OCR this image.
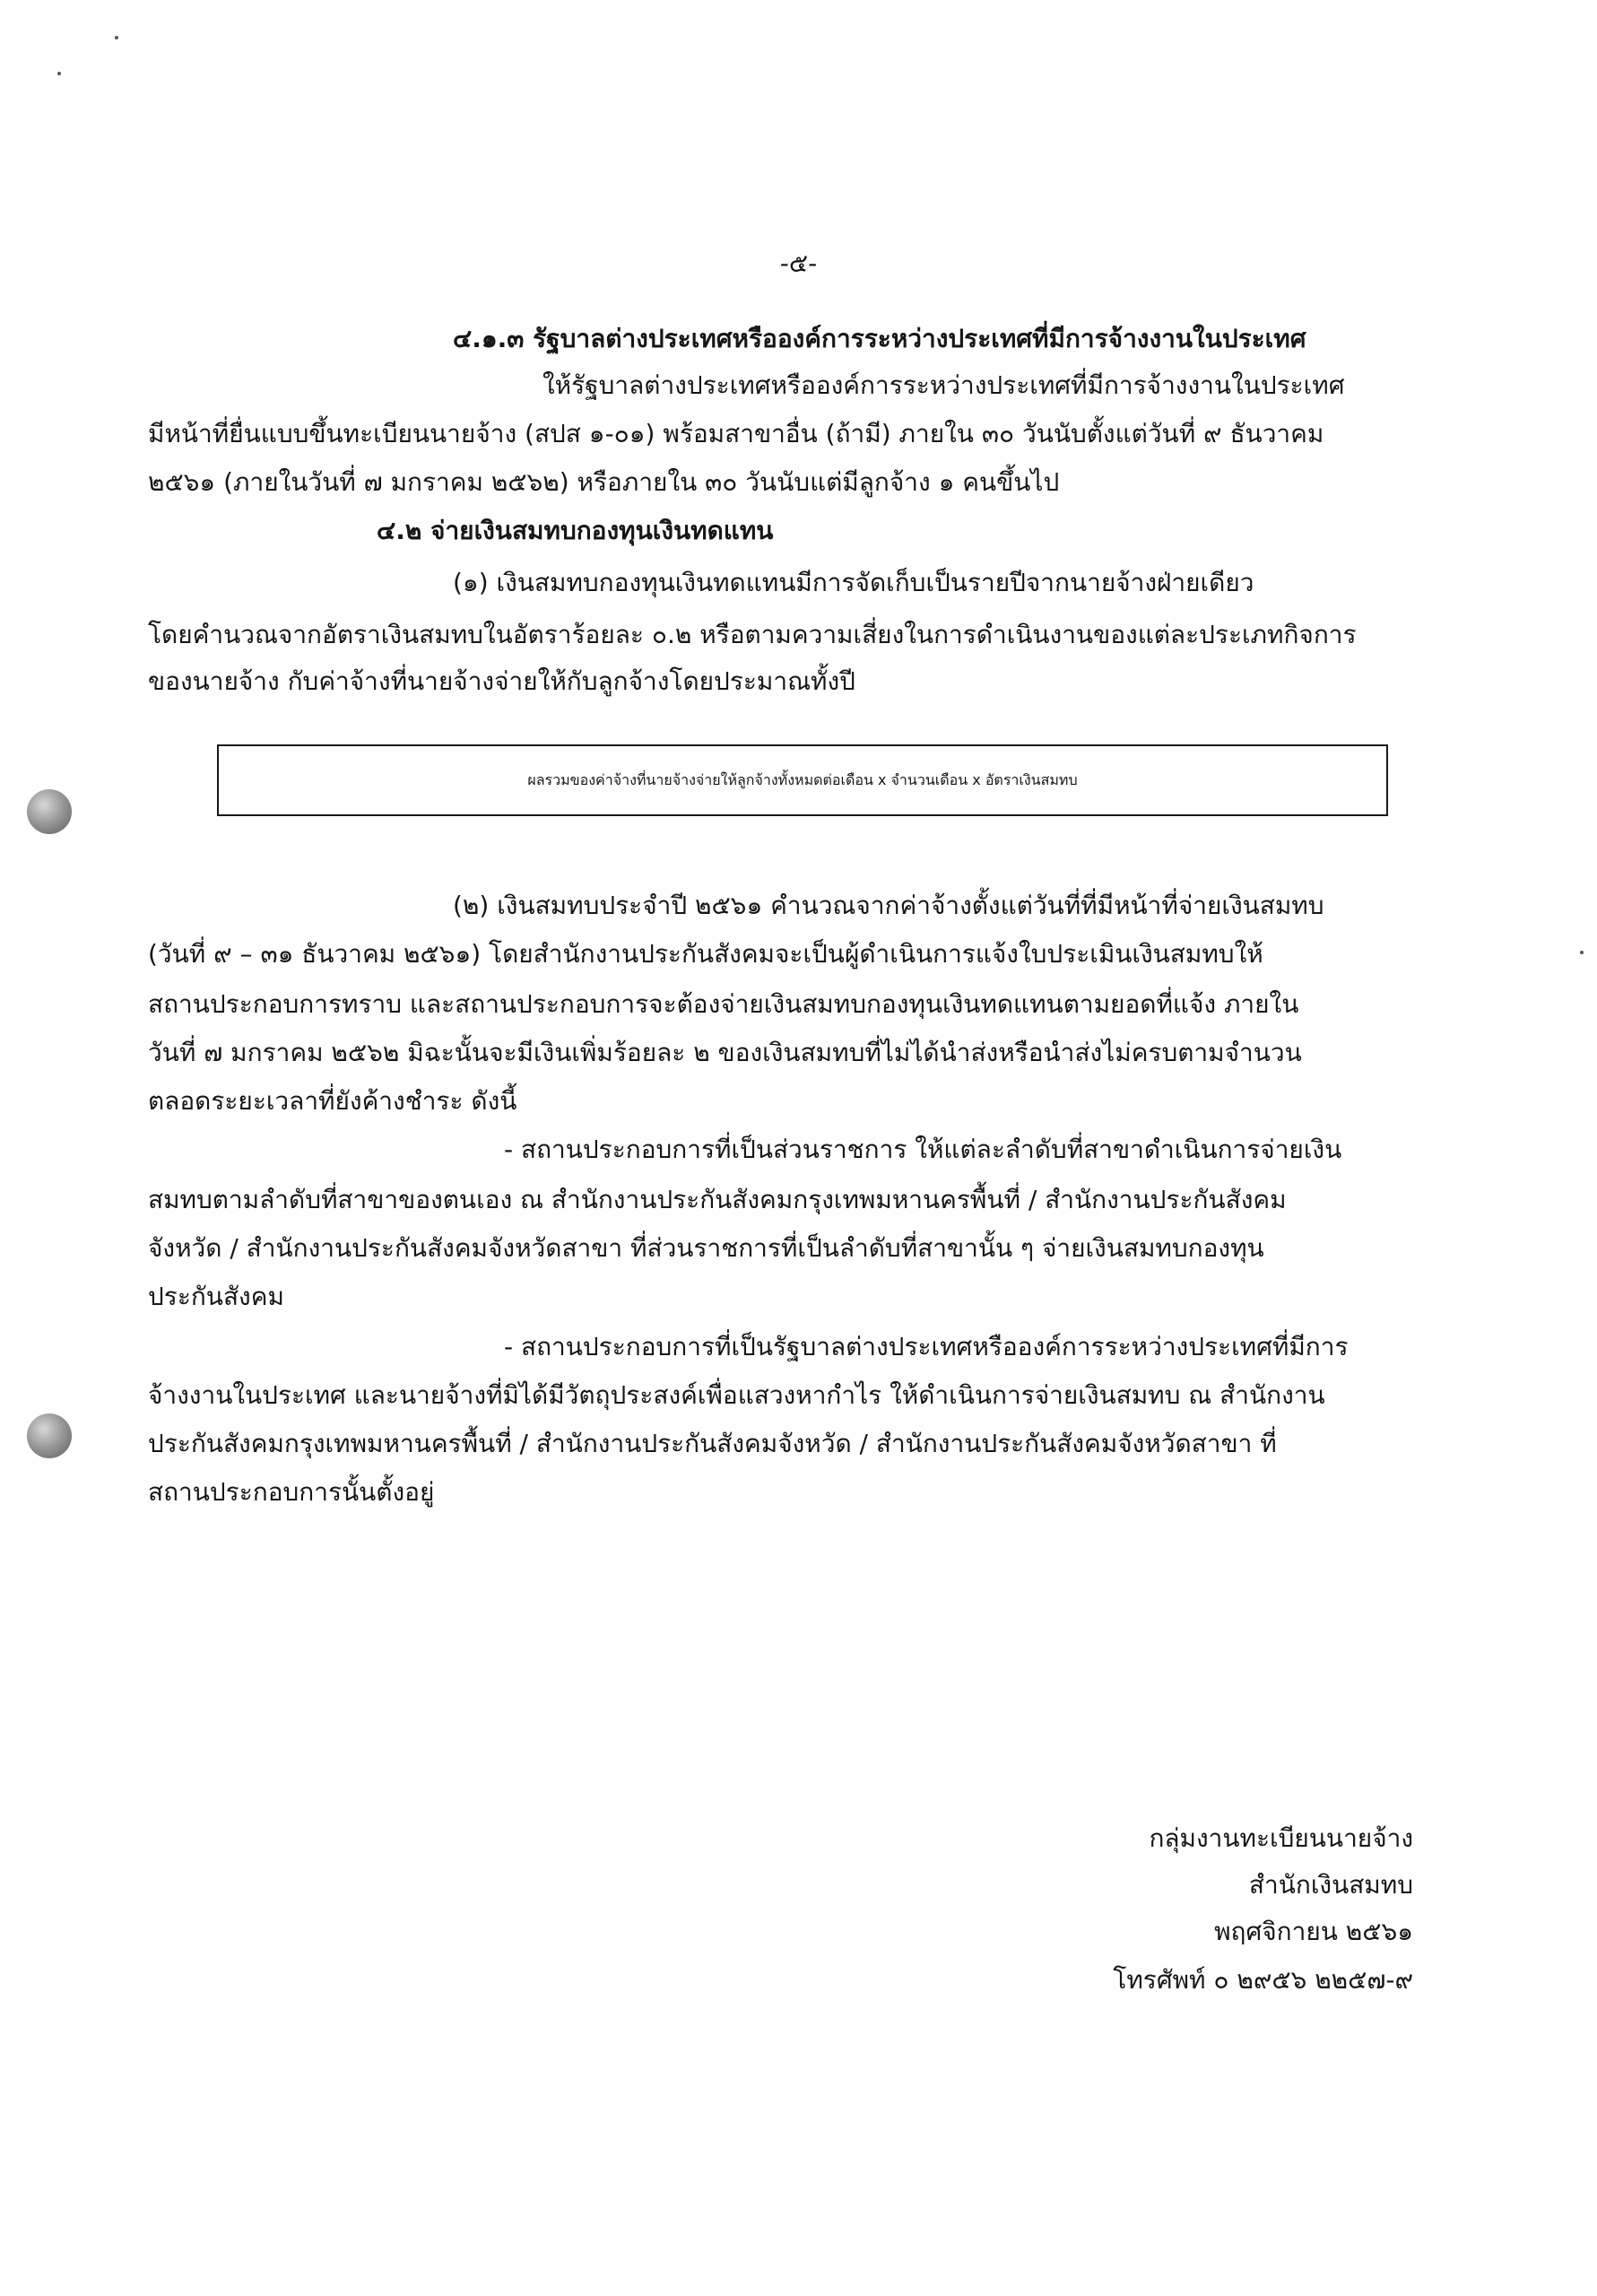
-๕-
๔.๑.๓ รัฐบาลต่างประเทศหรือองค์การระหว่างประเทศที่มีการจ้างงานในประเทศ
ให้รัฐบาลต่างประเทศหรือองค์การระหว่างประเทศที่มีการจ้างงานในประเทศ
มีหน้าที่ยื่นแบบขึ้นทะเบียนนายจ้าง (สปส ๑-๐๑) พร้อมสาขาอื่น (ถ้ามี) ภายใน ๓๐ วันนับตั้งแต่วันที่ ๙ ธันวาคม
๒๕๖๑ (ภายในวันที่ ๗ มกราคม ๒๕๖๒) หรือภายใน ๓๐ วันนับแต่มีลูกจ้าง ๑ คนขึ้นไป
๔.๒ จ่ายเงินสมทบกองทุนเงินทดแทน
(๑) เงินสมทบกองทุนเงินทดแทนมีการจัดเก็บเป็นรายปีจากนายจ้างฝ่ายเดียว
โดยคำนวณจากอัตราเงินสมทบในอัตราร้อยละ ๐.๒ หรือตามความเสี่ยงในการดำเนินงานของแต่ละประเภทกิจการ
ของนายจ้าง กับค่าจ้างที่นายจ้างจ่ายให้กับลูกจ้างโดยประมาณทั้งปี
ผลรวมของค่าจ้างที่นายจ้างจ่ายให้ลูกจ้างทั้งหมดต่อเดือน x จำนวนเดือน x อัตราเงินสมทบ
(๒) เงินสมทบประจำปี ๒๕๖๑ คำนวณจากค่าจ้างตั้งแต่วันที่ที่มีหน้าที่จ่ายเงินสมทบ
(วันที่ ๙ – ๓๑ ธันวาคม ๒๕๖๑) โดยสำนักงานประกันสังคมจะเป็นผู้ดำเนินการแจ้งใบประเมินเงินสมทบให้
สถานประกอบการทราบ และสถานประกอบการจะต้องจ่ายเงินสมทบกองทุนเงินทดแทนตามยอดที่แจ้ง ภายใน
วันที่ ๗ มกราคม ๒๕๖๒ มิฉะนั้นจะมีเงินเพิ่มร้อยละ ๒ ของเงินสมทบที่ไม่ได้นำส่งหรือนำส่งไม่ครบตามจำนวน
ตลอดระยะเวลาที่ยังค้างชำระ ดังนี้
- สถานประกอบการที่เป็นส่วนราชการ ให้แต่ละลำดับที่สาขาดำเนินการจ่ายเงิน
สมทบตามลำดับที่สาขาของตนเอง ณ สำนักงานประกันสังคมกรุงเทพมหานครพื้นที่ / สำนักงานประกันสังคม
จังหวัด / สำนักงานประกันสังคมจังหวัดสาขา ที่ส่วนราชการที่เป็นลำดับที่สาขานั้น ๆ จ่ายเงินสมทบกองทุน
ประกันสังคม
- สถานประกอบการที่เป็นรัฐบาลต่างประเทศหรือองค์การระหว่างประเทศที่มีการ
จ้างงานในประเทศ และนายจ้างที่มิได้มีวัตถุประสงค์เพื่อแสวงหากำไร ให้ดำเนินการจ่ายเงินสมทบ ณ สำนักงาน
ประกันสังคมกรุงเทพมหานครพื้นที่ / สำนักงานประกันสังคมจังหวัด / สำนักงานประกันสังคมจังหวัดสาขา ที่
สถานประกอบการนั้นตั้งอยู่
กลุ่มงานทะเบียนนายจ้าง
สำนักเงินสมทบ
พฤศจิกายน ๒๕๖๑
โทรศัพท์ ๐ ๒๙๕๖ ๒๒๕๗-๙
